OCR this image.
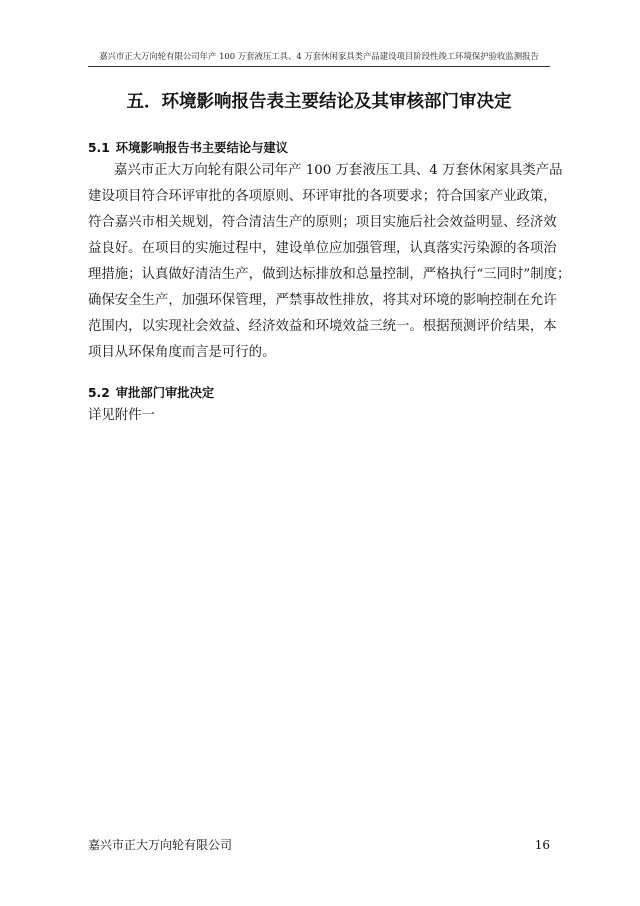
嘉兴市正大万向轮有限公司年产 100 万套液压工具、4 万套休闲家具类产品建设项目阶段性竣工环境保护验收监测报告
五．环境影响报告表主要结论及其审核部门审决定
5.1 环境影响报告书主要结论与建议

嘉兴市正大万向轮有限公司年产 100 万套液压工具、4 万套休闲家具类产品

建设项目符合环评审批的各项原则、环评审批的各项要求；符合国家产业政策，

符合嘉兴市相关规划，符合清洁生产的原则；项目实施后社会效益明显、经济效

益良好。在项目的实施过程中，建设单位应加强管理，认真落实污染源的各项治

理措施；认真做好清洁生产，做到达标排放和总量控制，严格执行“三同时”制度；

确保安全生产，加强环保管理，严禁事故性排放，将其对环境的影响控制在允许

范围内，以实现社会效益、经济效益和环境效益三统一。根据预测评价结果，本

项目从环保角度而言是可行的。

5.2 审批部门审批决定

详见附件一

嘉兴市正大万向轮有限公司	16
